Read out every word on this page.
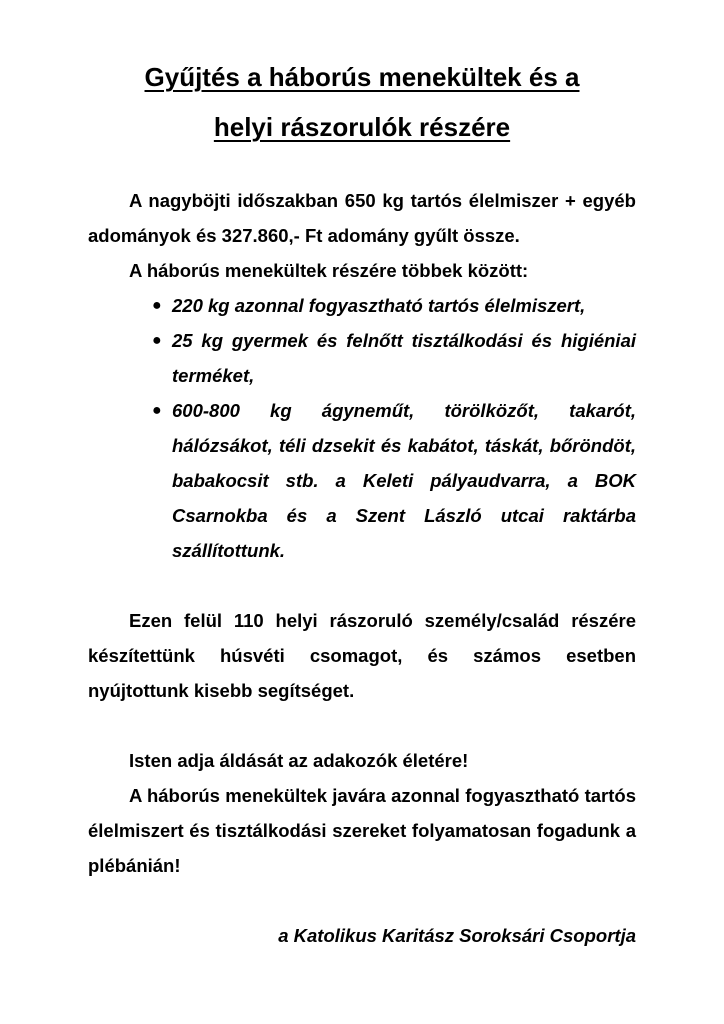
Gyűjtés a háborús menekültek és a
helyi rászorulók részére

A nagyböjti időszakban 650 kg tartós élelmiszer + egyéb adományok és 327.860,- Ft adomány gyűlt össze.

A háborús menekültek részére többek között:

● 220 kg azonnal fogyasztható tartós élelmiszert,
● 25 kg gyermek és felnőtt tisztálkodási és higiéniai terméket,
● 600-800 kg ágyneműt, törölközőt, takarót, hálózsákot, téli dzsekit és kabátot, táskát, bőröndöt, babakocsit stb. a Keleti pályaudvarra, a BOK Csarnokba és a Szent László utcai raktárba szállítottunk.

Ezen felül 110 helyi rászoruló személy/család részére készítettünk húsvéti csomagot, és számos esetben nyújtottunk kisebb segítséget.

Isten adja áldását az adakozók életére!

A háborús menekültek javára azonnal fogyasztható tartós élelmiszert és tisztálkodási szereket folyamatosan fogadunk a plébánián!

a Katolikus Karitász Soroksári Csoportja
